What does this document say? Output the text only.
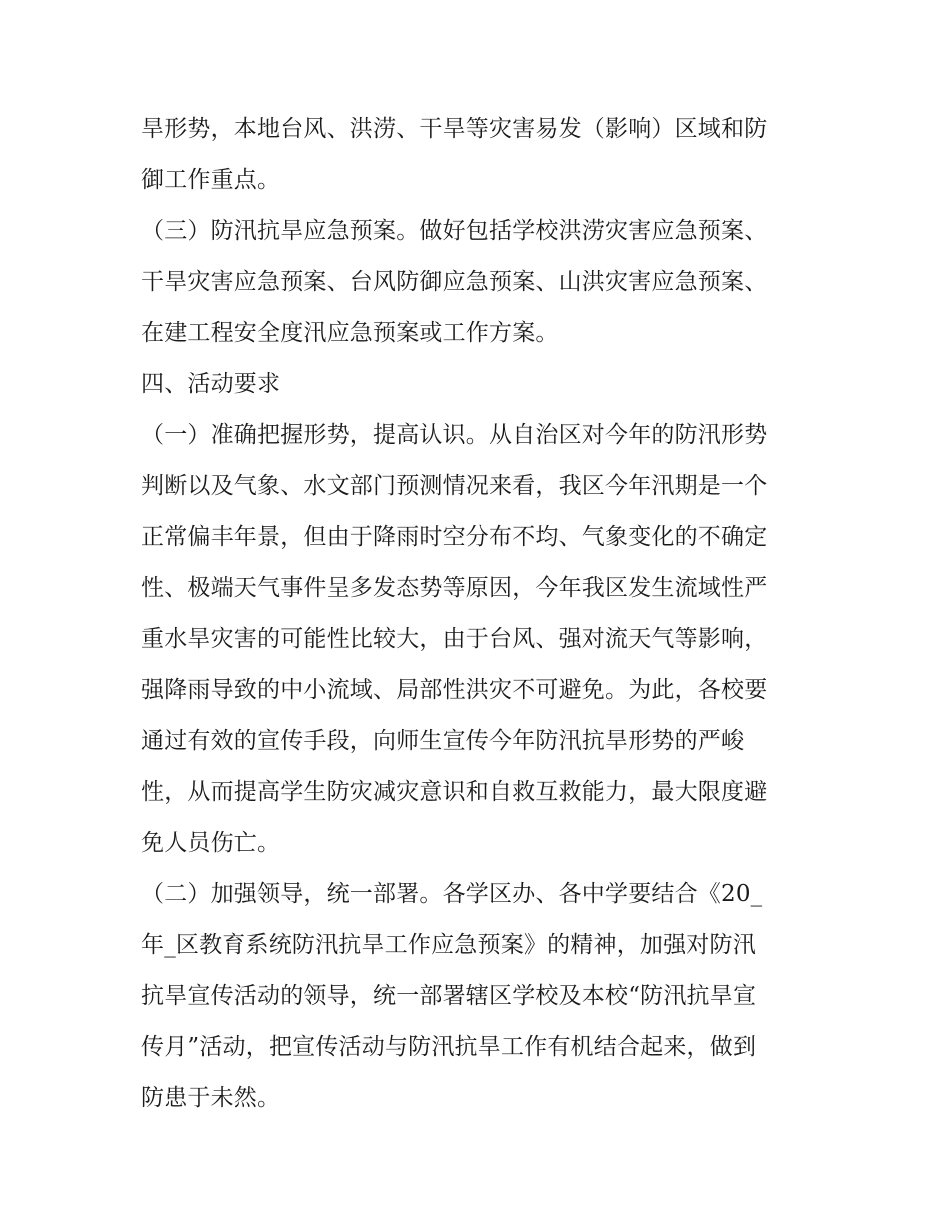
旱形势，本地台风、洪涝、干旱等灾害易发（影响）区域和防
御工作重点。
（三）防汛抗旱应急预案。做好包括学校洪涝灾害应急预案、
干旱灾害应急预案、台风防御应急预案、山洪灾害应急预案、
在建工程安全度汛应急预案或工作方案。
四、活动要求
（一）准确把握形势，提高认识。从自治区对今年的防汛形势
判断以及气象、水文部门预测情况来看，我区今年汛期是一个
正常偏丰年景，但由于降雨时空分布不均、气象变化的不确定
性、极端天气事件呈多发态势等原因，今年我区发生流域性严
重水旱灾害的可能性比较大，由于台风、强对流天气等影响，
强降雨导致的中小流域、局部性洪灾不可避免。为此，各校要
通过有效的宣传手段，向师生宣传今年防汛抗旱形势的严峻
性，从而提高学生防灾减灾意识和自救互救能力，最大限度避
免人员伤亡。
（二）加强领导，统一部署。各学区办、各中学要结合《20_
年_区教育系统防汛抗旱工作应急预案》的精神，加强对防汛
抗旱宣传活动的领导，统一部署辖区学校及本校“防汛抗旱宣
传月”活动，把宣传活动与防汛抗旱工作有机结合起来，做到
防患于未然。
